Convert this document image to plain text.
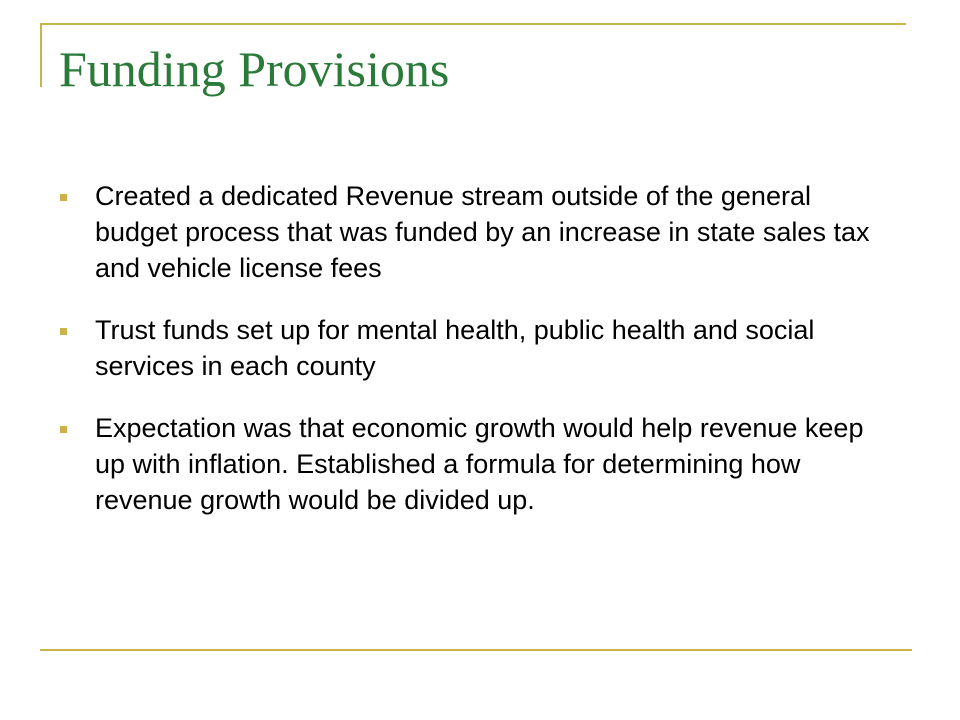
Funding Provisions
Created a dedicated Revenue stream outside of the general budget process that was funded by an increase in state sales tax and vehicle license fees
Trust funds set up for mental health, public health and social services in each county
Expectation was that economic growth would help revenue keep up with inflation. Established a formula for determining how revenue growth would be divided up.
